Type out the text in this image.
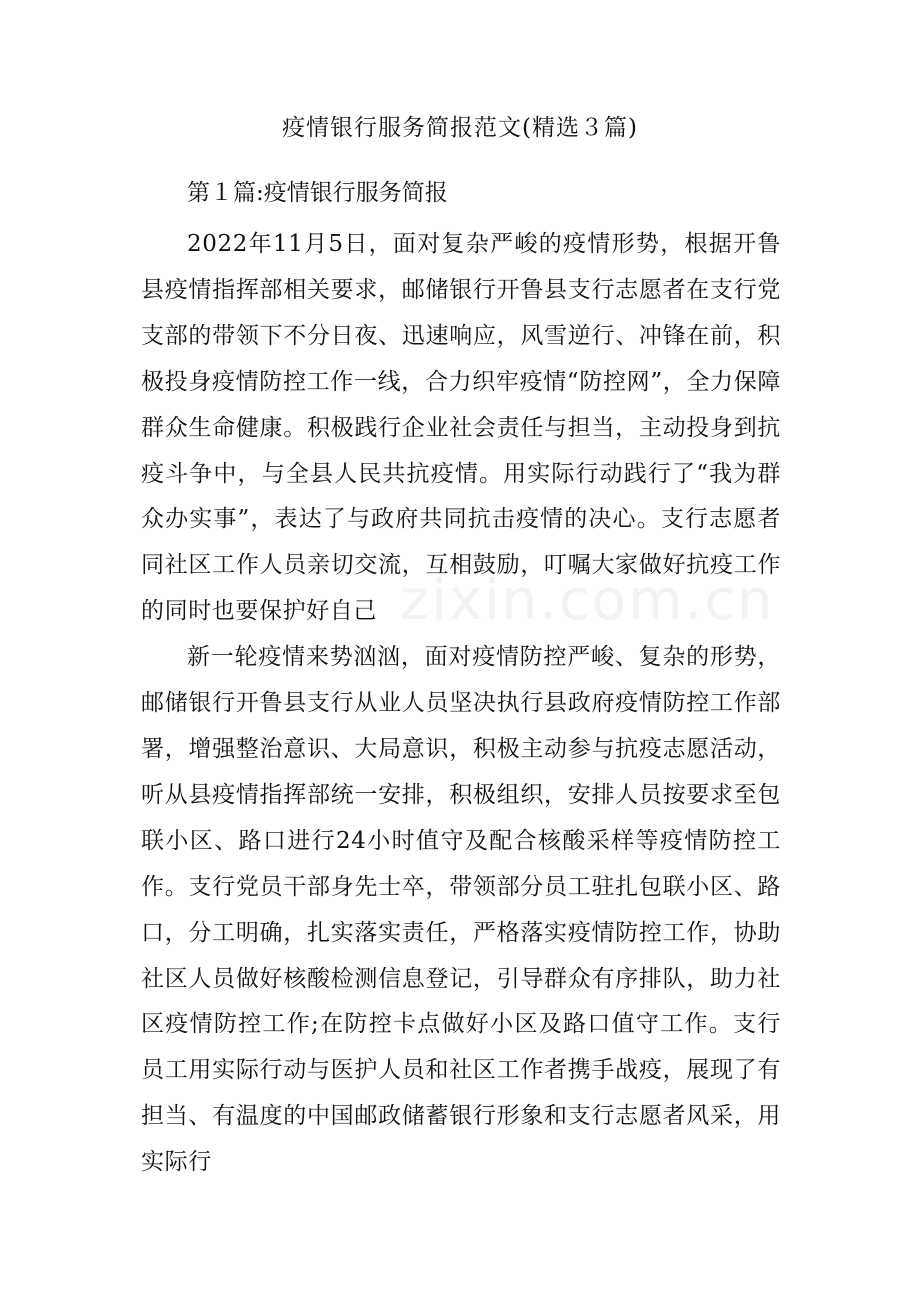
疫情银行服务简报范文(精选３篇)
第１篇:疫情银行服务简报

2022年11月5日，面对复杂严峻的疫情形势，根据开鲁县疫情指挥部相关要求，邮储银行开鲁县支行志愿者在支行党支部的带领下不分日夜、迅速响应，风雪逆行、冲锋在前，积极投身疫情防控工作一线，合力织牢疫情“防控网”，全力保障群众生命健康。积极践行企业社会责任与担当，主动投身到抗疫斗争中，与全县人民共抗疫情。用实际行动践行了“我为群众办实事”，表达了与政府共同抗击疫情的决心。支行志愿者同社区工作人员亲切交流，互相鼓励，叮嘱大家做好抗疫工作的同时也要保护好自己

新一轮疫情来势汹汹，面对疫情防控严峻、复杂的形势，邮储银行开鲁县支行从业人员坚决执行县政府疫情防控工作部署，增强整治意识、大局意识，积极主动参与抗疫志愿活动，听从县疫情指挥部统一安排，积极组织，安排人员按要求至包联小区、路口进行24小时值守及配合核酸采样等疫情防控工作。支行党员干部身先士卒，带领部分员工驻扎包联小区、路口，分工明确，扎实落实责任，严格落实疫情防控工作，协助社区人员做好核酸检测信息登记，引导群众有序排队，助力社区疫情防控工作;在防控卡点做好小区及路口值守工作。支行员工用实际行动与医护人员和社区工作者携手战疫，展现了有担当、有温度的中国邮政储蓄银行形象和支行志愿者风采，用实际行

zixin.com.cn
